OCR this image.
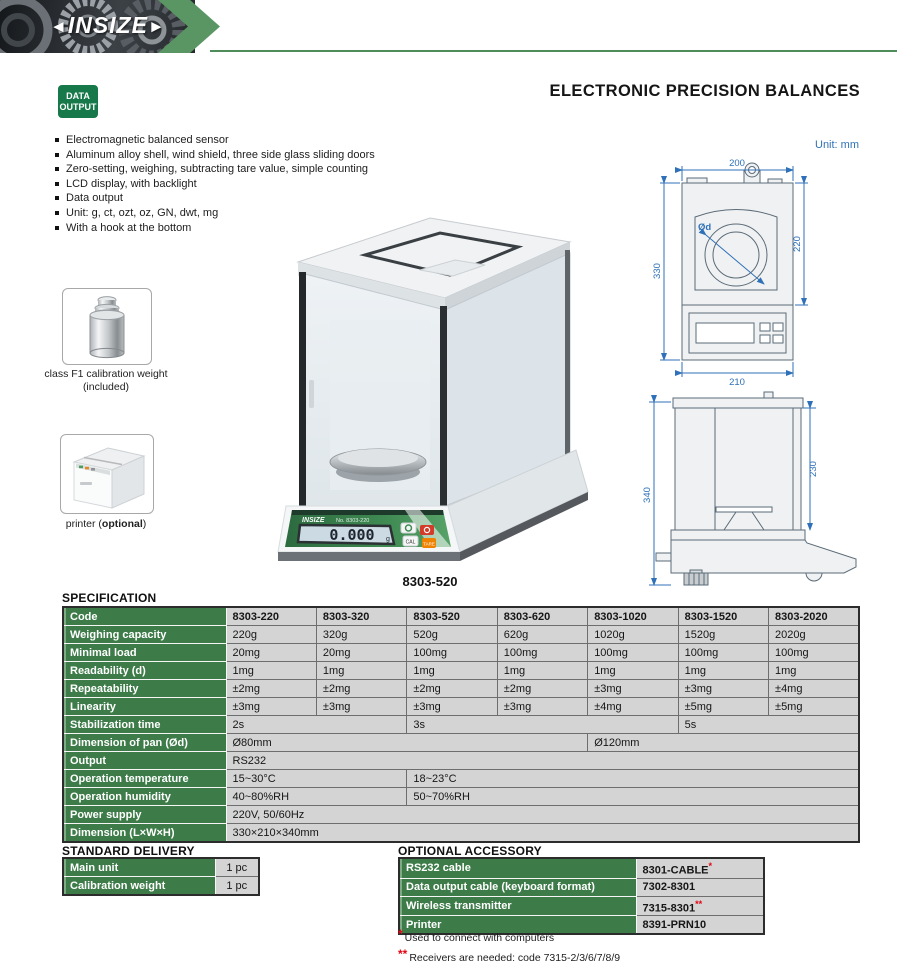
◄INSIZE►
DATA
OUTPUT
ELECTRONIC PRECISION BALANCES
Electromagnetic balanced sensor
Aluminum alloy shell, wind shield, three side glass sliding doors
Zero-setting, weighing, subtracting tare value, simple counting
LCD display, with backlight
Data output
Unit: g, ct, ozt, oz, GN, dwt, mg
With a hook at the bottom
class F1 calibration weight
(included)
printer (optional)	INSIZE No. 8303-220
0.000 g	CAL TARE
8303-520
Unit: mm
200
220
330
210
Ød
340
230
SPECIFICATION
Code	8303-220	8303-320	8303-520	8303-620	8303-1020	8303-1520	8303-2020
Weighing capacity	220g	320g	520g	620g	1020g	1520g	2020g
Minimal load	20mg	20mg	100mg	100mg	100mg	100mg	100mg
Readability (d)	1mg	1mg	1mg	1mg	1mg	1mg	1mg
Repeatability	±2mg	±2mg	±2mg	±2mg	±3mg	±3mg	±4mg
Linearity	±3mg	±3mg	±3mg	±3mg	±4mg	±5mg	±5mg
Stabilization time	2s		3s			5s	
Dimension of pan (Ød)	Ø80mm				Ø120mm		
Output	RS232						
Operation temperature	15~30°C		18~23°C				
Operation humidity	40~80%RH		50~70%RH				
Power supply	220V, 50/60Hz						
Dimension (L×W×H)	330×210×340mm						
STANDARD DELIVERY
Main unit	1 pc
Calibration weight	1 pc
OPTIONAL ACCESSORY
RS232 cable	8301-CABLE*
Data output cable (keyboard format)	7302-8301
Wireless transmitter	7315-8301**
Printer	8391-PRN10
* Used to connect with computers
** Receivers are needed: code 7315-2/3/6/7/8/9
